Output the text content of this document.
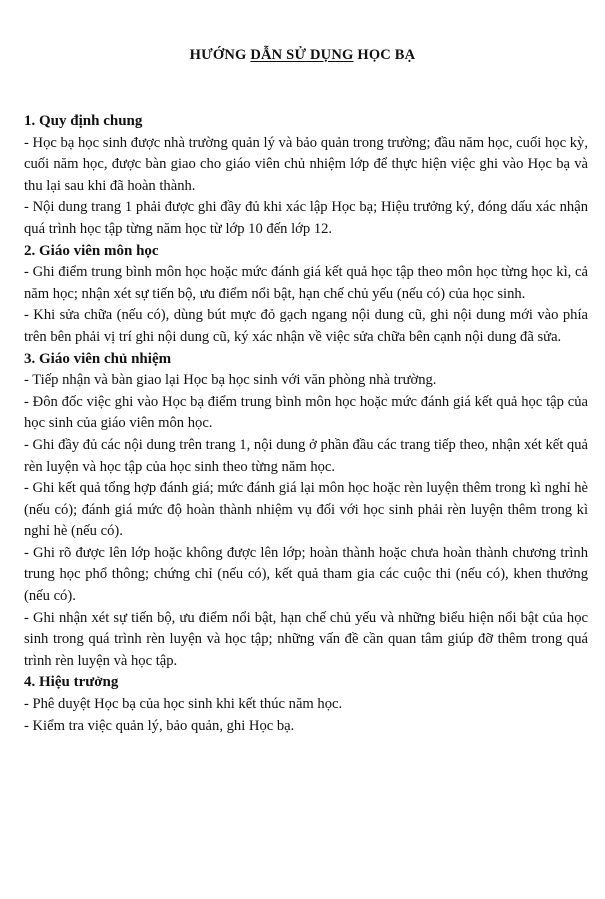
HƯỚNG DẪN SỬ DỤNG HỌC BẠ
1. Quy định chung

- Học bạ học sinh được nhà trường quản lý và bảo quản trong trường; đầu năm học, cuối học kỳ, cuối năm học, được bàn giao cho giáo viên chủ nhiệm lớp để thực hiện việc ghi vào Học bạ và thu lại sau khi đã hoàn thành.

- Nội dung trang 1 phải được ghi đầy đủ khi xác lập Học bạ; Hiệu trưởng ký, đóng dấu xác nhận quá trình học tập từng năm học từ lớp 10 đến lớp 12.

2. Giáo viên môn học

- Ghi điểm trung bình môn học hoặc mức đánh giá kết quả học tập theo môn học từng học kì, cả năm học; nhận xét sự tiến bộ, ưu điểm nổi bật, hạn chế chủ yếu (nếu có) của học sinh.

- Khi sửa chữa (nếu có), dùng bút mực đỏ gạch ngang nội dung cũ, ghi nội dung mới vào phía trên bên phải vị trí ghi nội dung cũ, ký xác nhận về việc sửa chữa bên cạnh nội dung đã sửa.

3. Giáo viên chủ nhiệm

- Tiếp nhận và bàn giao lại Học bạ học sinh với văn phòng nhà trường.

- Đôn đốc việc ghi vào Học bạ điểm trung bình môn học hoặc mức đánh giá kết quả học tập của học sinh của giáo viên môn học.

- Ghi đầy đủ các nội dung trên trang 1, nội dung ở phần đầu các trang tiếp theo, nhận xét kết quả rèn luyện và học tập của học sinh theo từng năm học.

- Ghi kết quả tổng hợp đánh giá; mức đánh giá lại môn học hoặc rèn luyện thêm trong kì nghỉ hè (nếu có); đánh giá mức độ hoàn thành nhiệm vụ đối với học sinh phải rèn luyện thêm trong kì nghỉ hè (nếu có).

- Ghi rõ được lên lớp hoặc không được lên lớp; hoàn thành hoặc chưa hoàn thành chương trình trung học phổ thông; chứng chỉ (nếu có), kết quả tham gia các cuộc thi (nếu có), khen thưởng (nếu có).

- Ghi nhận xét sự tiến bộ, ưu điểm nổi bật, hạn chế chủ yếu và những biểu hiện nổi bật của học sinh trong quá trình rèn luyện và học tập; những vấn đề cần quan tâm giúp đỡ thêm trong quá trình rèn luyện và học tập.

4. Hiệu trưởng

- Phê duyệt Học bạ của học sinh khi kết thúc năm học.

- Kiểm tra việc quản lý, bảo quản, ghi Học bạ.
